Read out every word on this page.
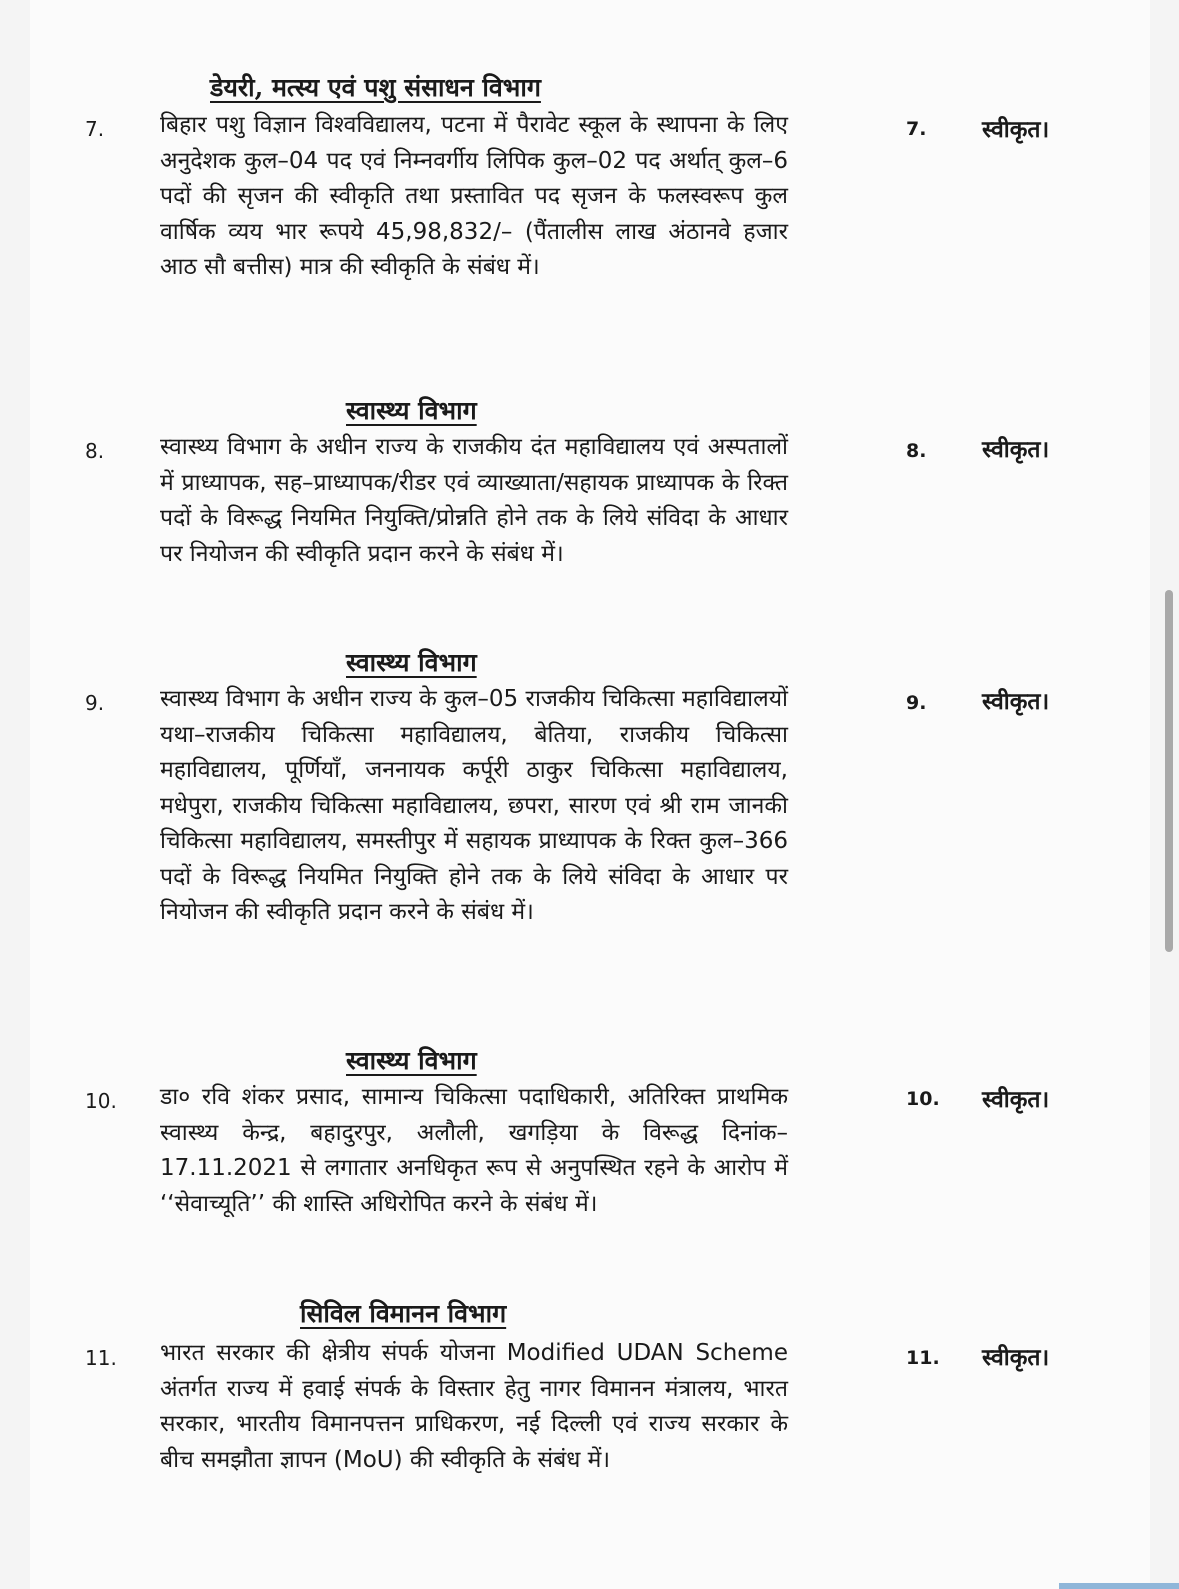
डेयरी, मत्स्य एवं पशु संसाधन विभाग
7. बिहार पशु विज्ञान विश्वविद्यालय, पटना में पैरावेट स्कूल के स्थापना के लिए अनुदेशक कुल–04 पद एवं निम्नवर्गीय लिपिक कुल–02 पद अर्थात् कुल–6 पदों की सृजन की स्वीकृति तथा प्रस्तावित पद सृजन के फलस्वरूप कुल वार्षिक व्यय भार रूपये 45,98,832/– (पैंतालीस लाख अंठानवे हजार आठ सौ बत्तीस) मात्र की स्वीकृति के संबंध में।
7. स्वीकृत।
स्वास्थ्य विभाग
8. स्वास्थ्य विभाग के अधीन राज्य के राजकीय दंत महाविद्यालय एवं अस्पतालों में प्राध्यापक, सह–प्राध्यापक/रीडर एवं व्याख्याता/सहायक प्राध्यापक के रिक्त पदों के विरूद्ध नियमित नियुक्ति/प्रोन्नति होने तक के लिये संविदा के आधार पर नियोजन की स्वीकृति प्रदान करने के संबंध में।
8. स्वीकृत।
स्वास्थ्य विभाग
9. स्वास्थ्य विभाग के अधीन राज्य के कुल–05 राजकीय चिकित्सा महाविद्यालयों यथा–राजकीय चिकित्सा महाविद्यालय, बेतिया, राजकीय चिकित्सा महाविद्यालय, पूर्णियाँ, जननायक कर्पूरी ठाकुर चिकित्सा महाविद्यालय, मधेपुरा, राजकीय चिकित्सा महाविद्यालय, छपरा, सारण एवं श्री राम जानकी चिकित्सा महाविद्यालय, समस्तीपुर में सहायक प्राध्यापक के रिक्त कुल–366 पदों के विरूद्ध नियमित नियुक्ति होने तक के लिये संविदा के आधार पर नियोजन की स्वीकृति प्रदान करने के संबंध में।
9. स्वीकृत।
स्वास्थ्य विभाग
10. डा० रवि शंकर प्रसाद, सामान्य चिकित्सा पदाधिकारी, अतिरिक्त प्राथमिक स्वास्थ्य केन्द्र, बहादुरपुर, अलौली, खगड़िया के विरूद्ध दिनांक–17.11.2021 से लगातार अनधिकृत रूप से अनुपस्थित रहने के आरोप में ‘‘सेवाच्यूति’’ की शास्ति अधिरोपित करने के संबंध में।
10. स्वीकृत।
सिविल विमानन विभाग
11. भारत सरकार की क्षेत्रीय संपर्क योजना Modified UDAN Scheme अंतर्गत राज्य में हवाई संपर्क के विस्तार हेतु नागर विमानन मंत्रालय, भारत सरकार, भारतीय विमानपत्तन प्राधिकरण, नई दिल्ली एवं राज्य सरकार के बीच समझौता ज्ञापन (MoU) की स्वीकृति के संबंध में।
11. स्वीकृत।
